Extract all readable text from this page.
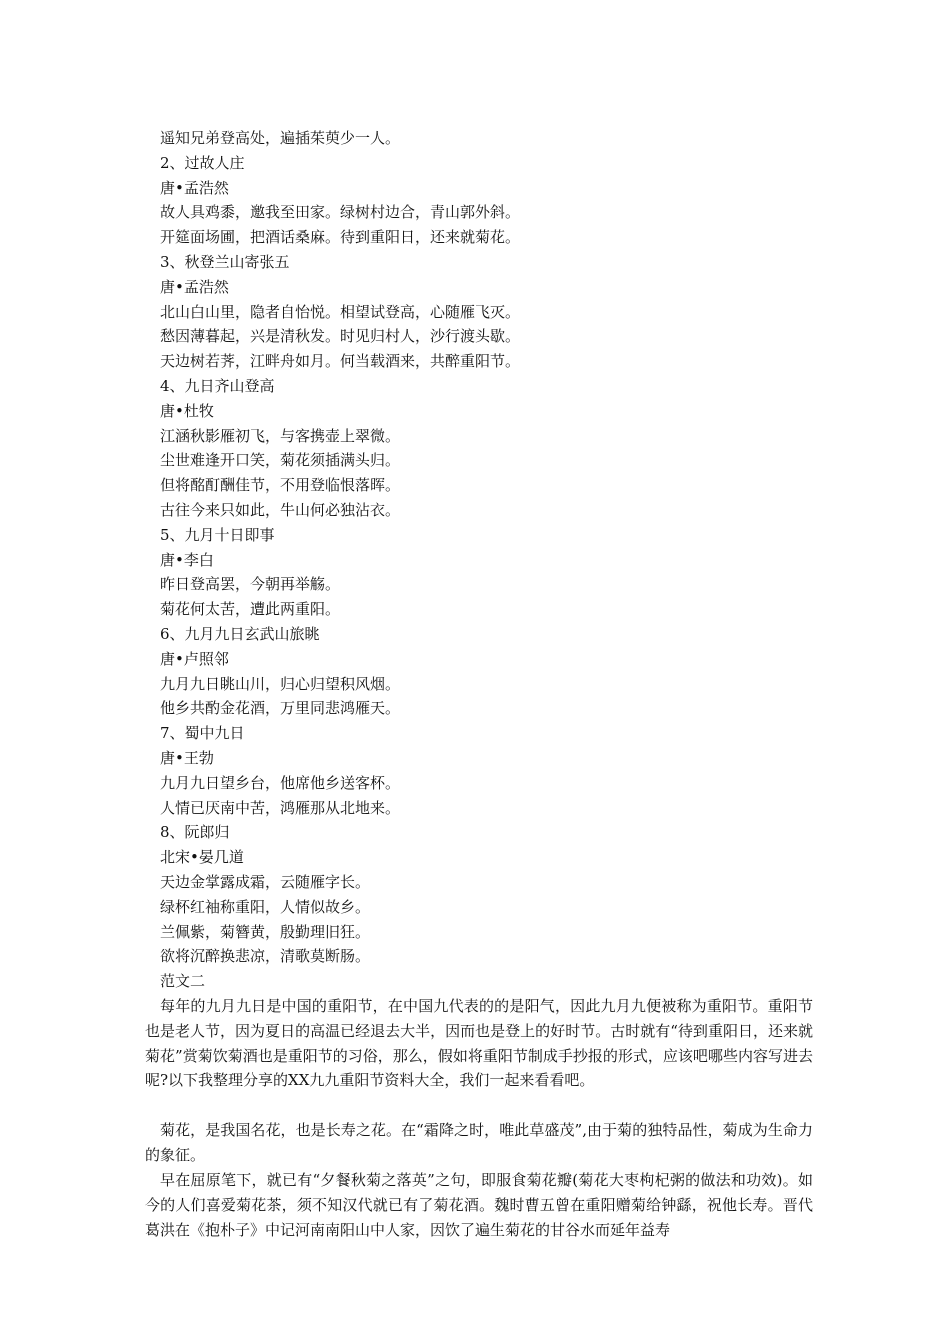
遥知兄弟登高处，遍插茱萸少一人。
2、过故人庄
唐•孟浩然
故人具鸡黍，邀我至田家。绿树村边合，青山郭外斜。
开筵面场圃，把酒话桑麻。待到重阳日，还来就菊花。
3、秋登兰山寄张五
唐•孟浩然
北山白山里，隐者自怡悦。相望试登高，心随雁飞灭。
愁因薄暮起，兴是清秋发。时见归村人，沙行渡头歇。
天边树若荠，江畔舟如月。何当载酒来，共醉重阳节。
4、九日齐山登高
唐•杜牧
江涵秋影雁初飞，与客携壶上翠微。
尘世难逢开口笑，菊花须插满头归。
但将酩酊酬佳节，不用登临恨落晖。
古往今来只如此，牛山何必独沾衣。
5、九月十日即事
唐•李白
昨日登高罢，今朝再举觞。
菊花何太苦，遭此两重阳。
6、九月九日玄武山旅眺
唐•卢照邻
九月九日眺山川，归心归望积风烟。
他乡共酌金花酒，万里同悲鸿雁天。
7、蜀中九日
唐•王勃
九月九日望乡台，他席他乡送客杯。
人情已厌南中苦，鸿雁那从北地来。
8、阮郎归
北宋•晏几道
天边金掌露成霜，云随雁字长。
绿杯红袖称重阳，人情似故乡。
兰佩紫，菊簪黄，殷勤理旧狂。
欲将沉醉换悲凉，清歌莫断肠。
范文二
每年的九月九日是中国的重阳节，在中国九代表的的是阳气，因此九月九便被称为重阳节。重阳节也是老人节，因为夏日的高温已经退去大半，因而也是登上的好时节。古时就有“待到重阳日，还来就菊花”赏菊饮菊酒也是重阳节的习俗，那么，假如将重阳节制成手抄报的形式，应该吧哪些内容写进去呢?以下我整理分享的XX九九重阳节资料大全，我们一起来看看吧。
菊花，是我国名花，也是长寿之花。在“霜降之时，唯此草盛茂”,由于菊的独特品性，菊成为生命力的象征。
早在屈原笔下，就已有“夕餐秋菊之落英”之句，即服食菊花瓣(菊花大枣枸杞粥的做法和功效)。如今的人们喜爱菊花茶，须不知汉代就已有了菊花酒。魏时曹五曾在重阳赠菊给钟繇，祝他长寿。晋代葛洪在《抱朴子》中记河南南阳山中人家，因饮了遍生菊花的甘谷水而延年益寿
